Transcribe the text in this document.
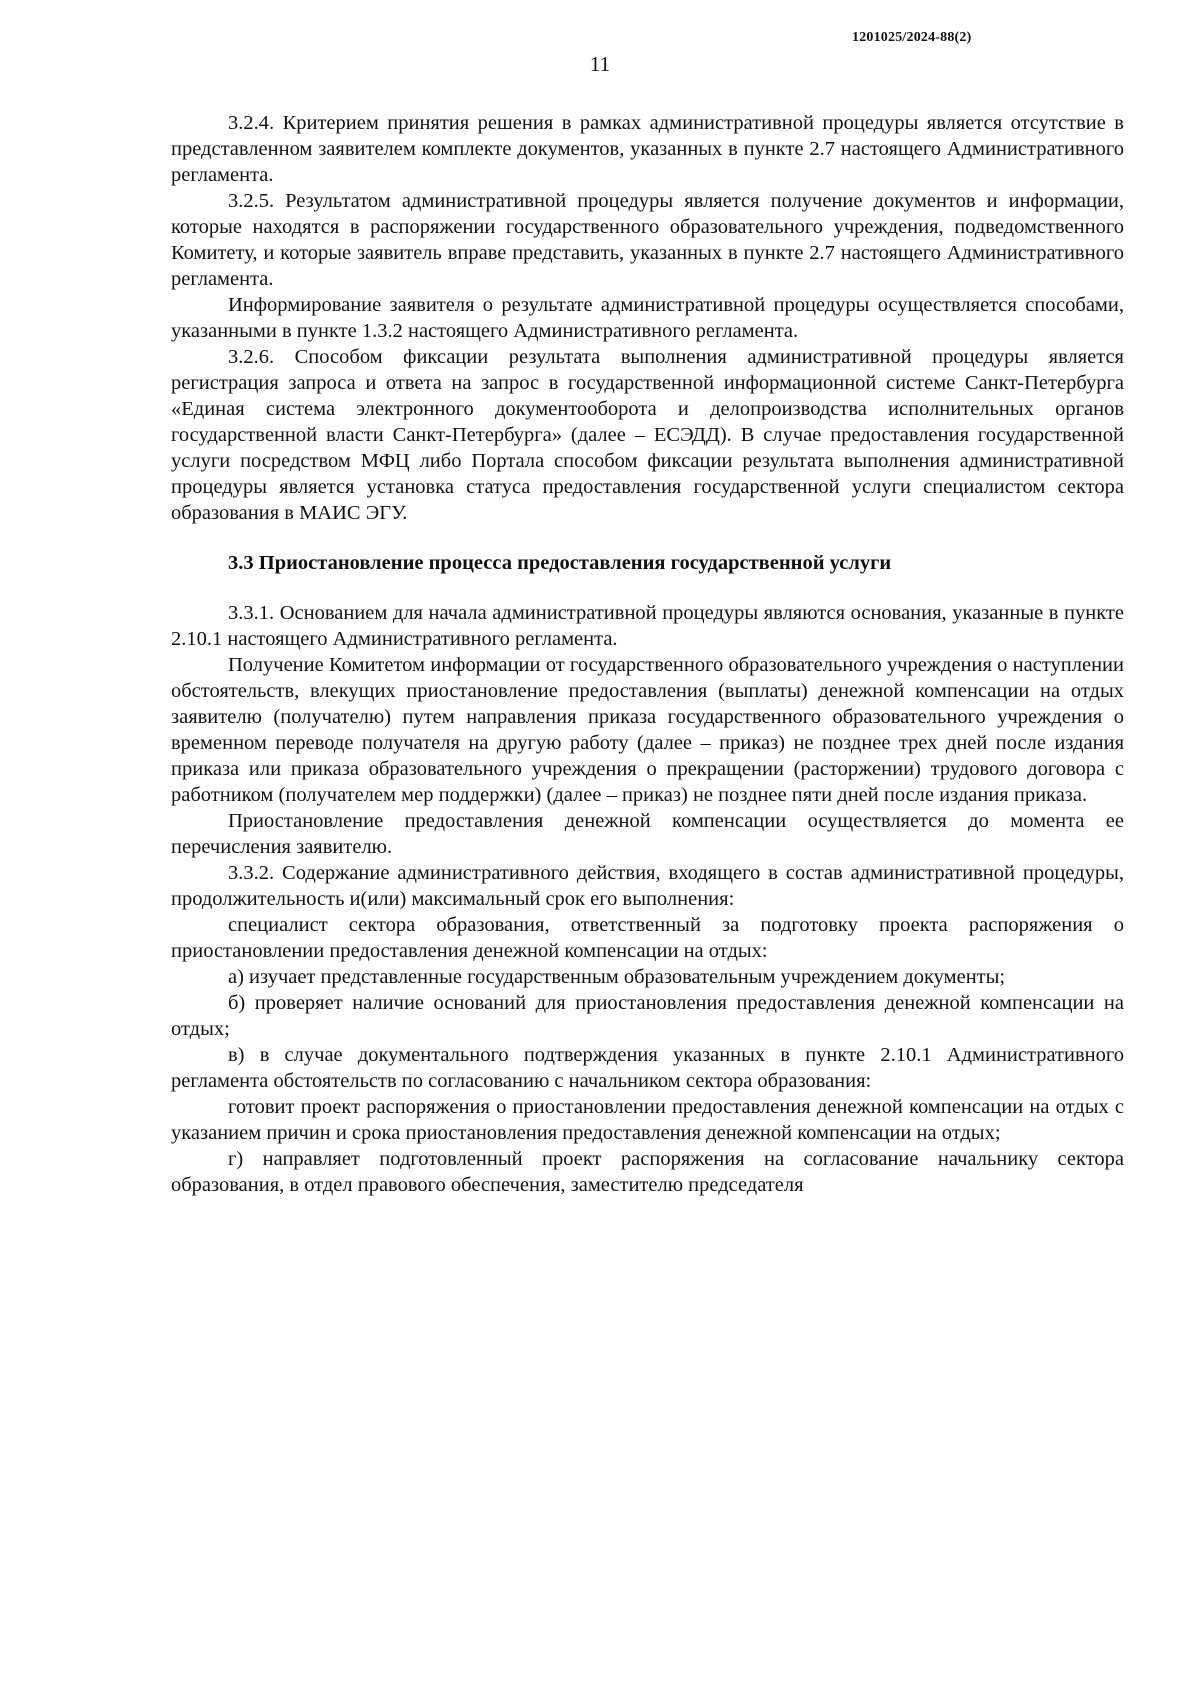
1201025/2024-88(2)
11

3.2.4. Критерием принятия решения в рамках административной процедуры является отсутствие в представленном заявителем комплекте документов, указанных в пункте 2.7 настоящего Административного регламента.

3.2.5. Результатом административной процедуры является получение документов и информации, которые находятся в распоряжении государственного образовательного учреждения, подведомственного Комитету, и которые заявитель вправе представить, указанных в пункте 2.7 настоящего Административного регламента.

Информирование заявителя о результате административной процедуры осуществляется способами, указанными в пункте 1.3.2 настоящего Административного регламента.

3.2.6. Способом фиксации результата выполнения административной процедуры является регистрация запроса и ответа на запрос в государственной информационной системе Санкт-Петербурга «Единая система электронного документооборота и делопроизводства исполнительных органов государственной власти Санкт-Петербурга» (далее – ЕСЭДД). В случае предоставления государственной услуги посредством МФЦ либо Портала способом фиксации результата выполнения административной процедуры является установка статуса предоставления государственной услуги специалистом сектора образования в МАИС ЭГУ.

3.3 Приостановление процесса предоставления государственной услуги

3.3.1. Основанием для начала административной процедуры являются основания, указанные в пункте 2.10.1 настоящего Административного регламента.

Получение Комитетом информации от государственного образовательного учреждения о наступлении обстоятельств, влекущих приостановление предоставления (выплаты) денежной компенсации на отдых заявителю (получателю) путем направления приказа государственного образовательного учреждения о временном переводе получателя на другую работу (далее – приказ) не позднее трех дней после издания приказа или приказа образовательного учреждения о прекращении (расторжении) трудового договора с работником (получателем мер поддержки) (далее – приказ) не позднее пяти дней после издания приказа.

Приостановление предоставления денежной компенсации осуществляется до момента ее перечисления заявителю.

3.3.2. Содержание административного действия, входящего в состав административной процедуры, продолжительность и(или) максимальный срок его выполнения:

специалист сектора образования, ответственный за подготовку проекта распоряжения о приостановлении предоставления денежной компенсации на отдых:

а) изучает представленные государственным образовательным учреждением документы;

б) проверяет наличие оснований для приостановления предоставления денежной компенсации на отдых;

в) в случае документального подтверждения указанных в пункте 2.10.1 Административного регламента обстоятельств по согласованию с начальником сектора образования:

готовит проект распоряжения о приостановлении предоставления денежной компенсации на отдых с указанием причин и срока приостановления предоставления денежной компенсации на отдых;

г) направляет подготовленный проект распоряжения на согласование начальнику сектора образования, в отдел правового обеспечения, заместителю председателя
